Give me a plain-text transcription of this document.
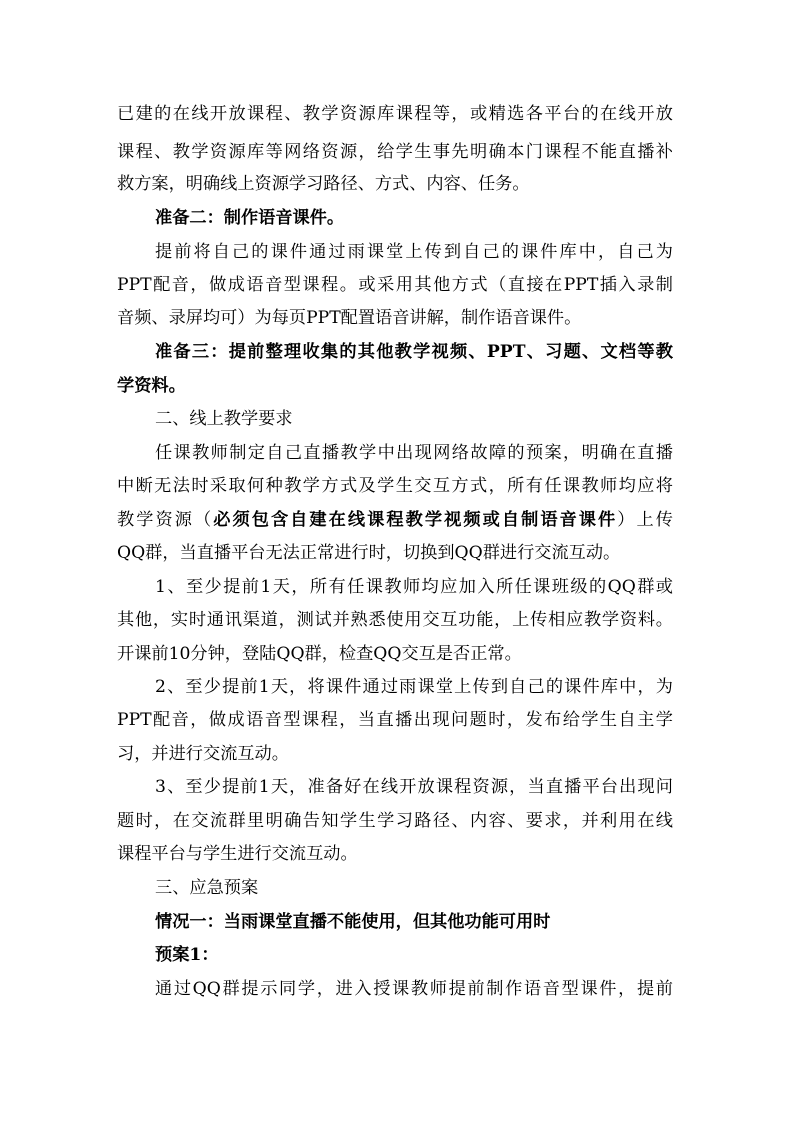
已建的在线开放课程、教学资源库课程等，或精选各平台的在线开放
课程、教学资源库等网络资源，给学生事先明确本门课程不能直播补
救方案，明确线上资源学习路径、方式、内容、任务。
准备二：制作语音课件。
提前将自己的课件通过雨课堂上传到自己的课件库中，自己为
PPT配音，做成语音型课程。或采用其他方式（直接在PPT插入录制
音频、录屏均可）为每页PPT配置语音讲解，制作语音课件。
准备三：提前整理收集的其他教学视频、PPT、习题、文档等教
学资料。
二、线上教学要求
任课教师制定自己直播教学中出现网络故障的预案，明确在直播
中断无法时采取何种教学方式及学生交互方式，所有任课教师均应将
教学资源（必须包含自建在线课程教学视频或自制语音课件）上传
QQ群，当直播平台无法正常进行时，切换到QQ群进行交流互动。
1、至少提前1天，所有任课教师均应加入所任课班级的QQ群或
其他，实时通讯渠道，测试并熟悉使用交互功能，上传相应教学资料。
开课前10分钟，登陆QQ群，检查QQ交互是否正常。
2、至少提前1天，将课件通过雨课堂上传到自己的课件库中，为
PPT配音，做成语音型课程，当直播出现问题时，发布给学生自主学
习，并进行交流互动。
3、至少提前1天，准备好在线开放课程资源，当直播平台出现问
题时，在交流群里明确告知学生学习路径、内容、要求，并利用在线
课程平台与学生进行交流互动。
三、应急预案
情况一：当雨课堂直播不能使用，但其他功能可用时
预案1：
通过QQ群提示同学，进入授课教师提前制作语音型课件，提前
